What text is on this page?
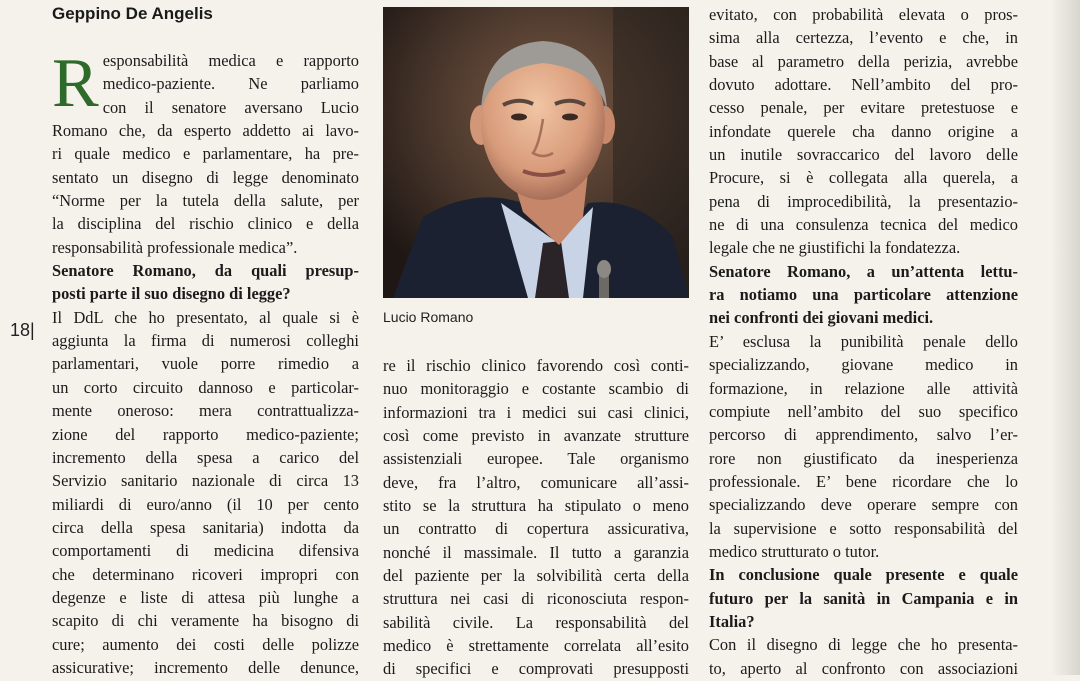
Geppino De Angelis
18|
R esponsabilità medica e rapporto
medico-paziente. Ne parliamo
con il senatore aversano Lucio
Romano che, da esperto addetto ai lavo-
ri quale medico e parlamentare, ha pre-
sentato un disegno di legge denominato
“Norme per la tutela della salute, per
la disciplina del rischio clinico e della
responsabilità professionale medica”.
Senatore Romano, da quali presup-
posti parte il suo disegno di legge?
Il DdL che ho presentato, al quale si è
aggiunta la firma di numerosi colleghi
parlamentari, vuole porre rimedio a
un corto circuito dannoso e particolar-
mente oneroso: mera contrattualizza-
zione del rapporto medico-paziente;
incremento della spesa a carico del
Servizio sanitario nazionale di circa 13
miliardi di euro/anno (il 10 per cento
circa della spesa sanitaria) indotta da
comportamenti di medicina difensiva
che determinano ricoveri impropri con
degenze e liste di attesa più lunghe a
scapito di chi veramente ha bisogno di
cure; aumento dei costi delle polizze
assicurative; incremento delle denunce,
Lucio Romano
re il rischio clinico favorendo così conti-
nuo monitoraggio e costante scambio di
informazioni tra i medici sui casi clinici,
così come previsto in avanzate strutture
assistenziali europee. Tale organismo
deve, fra l’altro, comunicare all’assi-
stito se la struttura ha stipulato o meno
un contratto di copertura assicurativa,
nonché il massimale. Il tutto a garanzia
del paziente per la solvibilità certa della
struttura nei casi di riconosciuta respon-
sabilità civile. La responsabilità del
medico è strettamente correlata all’esito
di specifici e comprovati presupposti
evitato, con probabilità elevata o pros-
sima alla certezza, l’evento e che, in
base al parametro della perizia, avrebbe
dovuto adottare. Nell’ambito del pro-
cesso penale, per evitare pretestuose e
infondate querele cha danno origine a
un inutile sovraccarico del lavoro delle
Procure, si è collegata alla querela, a
pena di improcedibilità, la presentazio-
ne di una consulenza tecnica del medico
legale che ne giustifichi la fondatezza.
Senatore Romano, a un’attenta lettu-
ra notiamo una particolare attenzione
nei confronti dei giovani medici.
E’ esclusa la punibilità penale dello
specializzando, giovane medico in
formazione, in relazione alle attività
compiute nell’ambito del suo specifico
percorso di apprendimento, salvo l’er-
rore non giustificato da inesperienza
professionale. E’ bene ricordare che lo
specializzando deve operare sempre con
la supervisione e sotto responsabilità del
medico strutturato o tutor.
In conclusione quale presente e quale
futuro per la sanità in Campania e in
Italia?
Con il disegno di legge che ho presenta-
to, aperto al confronto con associazioni
